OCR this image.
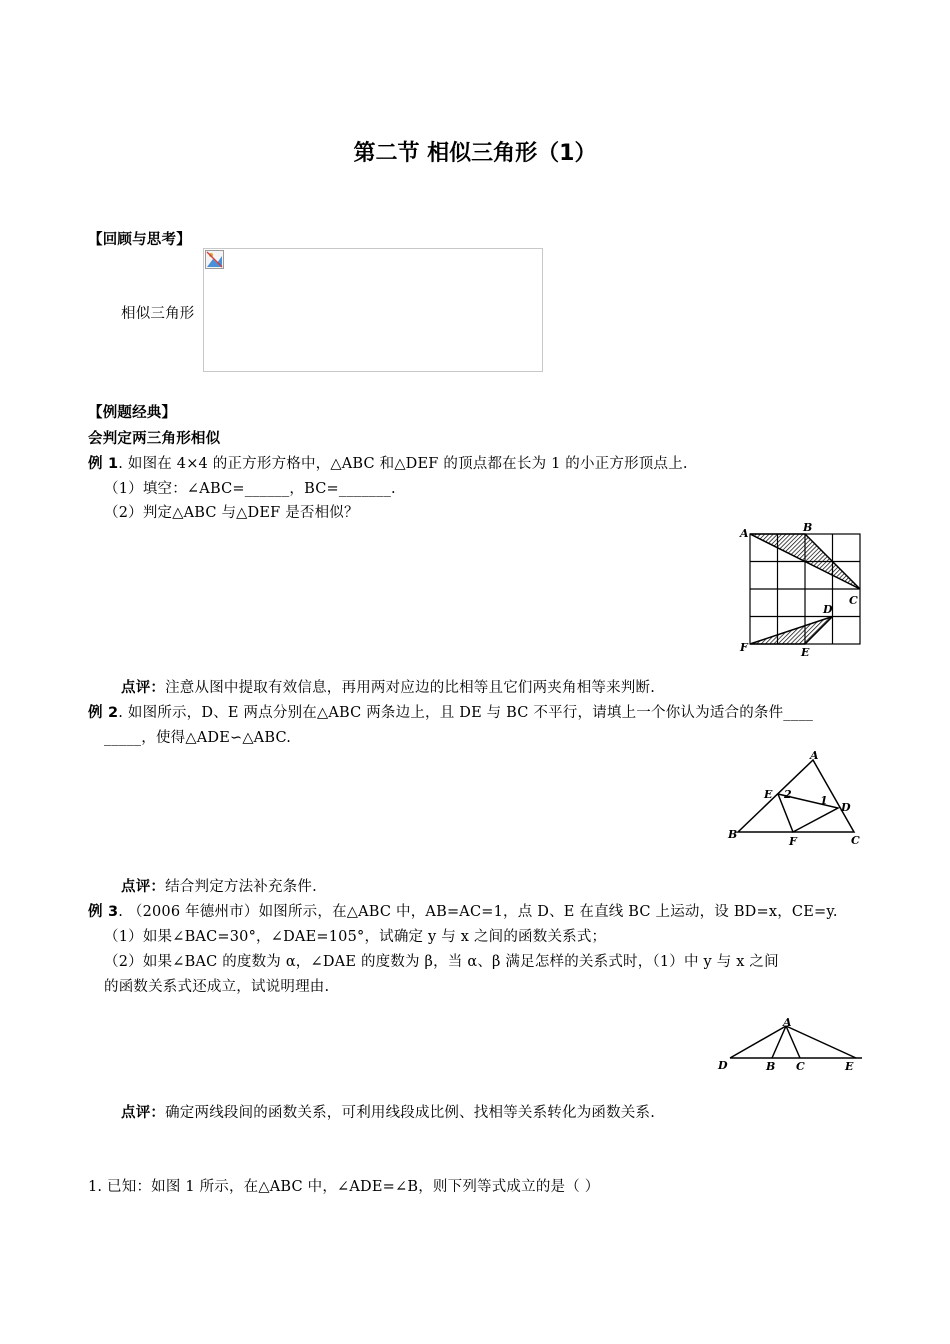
第二节 相似三角形（1）
【回顾与思考】
相似三角形
【例题经典】
会判定两三角形相似
例 1. 如图在 4×4 的正方形方格中，△ABC 和△DEF 的顶点都在长为 1 的小正方形顶点上.
（1）填空：∠ABC=______，BC=_______.
（2）判定△ABC 与△DEF 是否相似？
A	B
C
D
E
F
点评：注意从图中提取有效信息，再用两对应边的比相等且它们两夹角相等来判断.
例 2. 如图所示，D、E 两点分别在△ABC 两条边上，且 DE 与 BC 不平行，请填上一个你认为适合的条件____
_____，使得△ADE∽△ABC.
A
E 2	1
D
B
F	C
点评：结合判定方法补充条件.
例 3. （2006 年德州市）如图所示，在△ABC 中，AB=AC=1，点 D、E 在直线 BC 上运动，设 BD=x，CE=y.
（1）如果∠BAC=30°，∠DAE=105°，试确定 y 与 x 之间的函数关系式；
（2）如果∠BAC 的度数为 α，∠DAE 的度数为 β，当 α、β 满足怎样的关系式时，（1）中 y 与 x 之间
的函数关系式还成立，试说明理由.
A
D	B C	E
点评：确定两线段间的函数关系，可利用线段成比例、找相等关系转化为函数关系.
1. 已知：如图 1 所示，在△ABC 中，∠ADE=∠B，则下列等式成立的是（ ）
